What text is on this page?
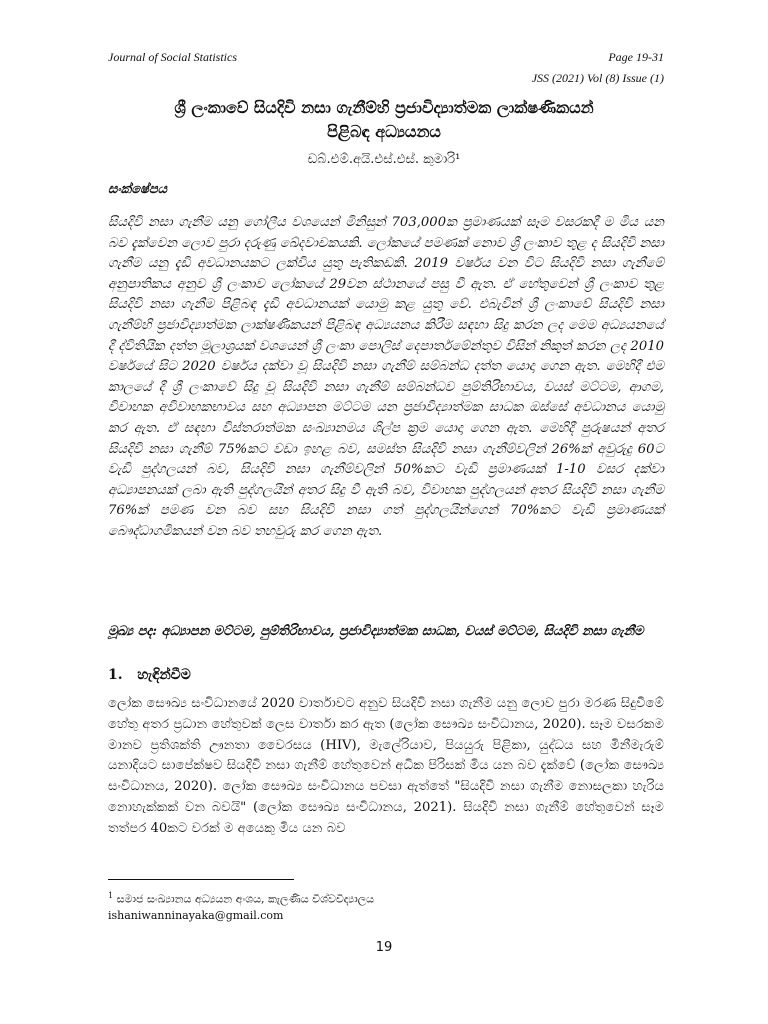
Journal of Social Statistics	Page 19-31
JSS (2021) Vol (8) Issue (1)
ශ්‍රී ලංකාවේ සියදිවි නසා ගැනීම්හි ප්‍රජාවිද්‍යාත්මක ලාක්ෂණිකයන්
පිළිබඳ අධ්‍යයනය
ඩබ්.එම්.අයි.එස්.එස්. කුමාරි¹
සංක්ෂේපය
සියදිවි නසා ගැනීම යනු ගෝලීය වශයෙන් මිනිසුන් 703,000ක ප්‍රමාණයක් සෑම වසරකදී ම මිය යන බව දැක්වෙන ලොව පුරා දරුණු ඛේදවාචකයකි. ලෝකයේ පමණක් නොව ශ්‍රී ලංකාව තුළ ද සියදිවි නසා ගැනීම යනු දැඩි අවධානයකට ලක්විය යුතු පැතිකඩකි. 2019 වර්ෂය වන විට සියදිවි නසා ගැනීමේ අනුපාතිකය අනුව ශ්‍රී ලංකාව ලෝකයේ 29වන ස්ථානයේ පසු වී ඇත. ඒ හේතුවෙන් ශ්‍රී ලංකාව තුළ සියදිවි නසා ගැනීම පිළිබඳ දැඩි අවධානයක් යොමු කළ යුතු වේ. එබැවින් ශ්‍රී ලංකාවේ සියදිවි නසා ගැනීම්හි ප්‍රජාවිද්‍යාත්මක ලාක්ෂණිකයන් පිළිබඳ අධ්‍යයනය කිරීම සඳහා සිදු කරන ලද මෙම අධ්‍යයනයේ දී ද්විතියික දත්ත මූලාශ්‍රයක් වශයෙන් ශ්‍රී ලංකා පොලිස් දෙපාර්තමේන්තුව විසින් නිකුත් කරන ලද 2010 වර්ෂයේ සිට 2020 වර්ෂය දක්වා වූ සියදිවි නසා ගැනීම් සම්බන්ධ දත්ත යොදා ගෙන ඇත. මෙහිදී එම කාලයේ දී ශ්‍රී ලංකාවේ සිදු වූ සියදිවි නසා ගැනීම් සම්බන්ධව පුම්තිරිභාවය, වයස් මට්ටම, ආගම, විවාහක අවිවාහකභාවය සහ අධ්‍යාපන මට්ටම යන ප්‍රජාවිද්‍යාත්මක සාධක ඔස්සේ අවධානය යොමු කර ඇත. ඒ සඳහා විස්තරාත්මක සංඛ්‍යානමය ශිල්ප ක්‍රම යොදා ගෙන ඇත. මෙහිදී පුරුෂයන් අතර සියදිවි නසා ගැනීම් 75%කට වඩා ඉහළ බව, සමස්ත සියදිවි නසා ගැනීම්වලින් 26%ක් අවුරුදු 60ට වැඩි පුද්ගලයන් බව, සියදිවි නසා ගැනීම්වලින් 50%කට වැඩි ප්‍රමාණයක් 1-10 වසර දක්වා අධ්‍යාපනයක් ලබා ඇති පුද්ගලයින් අතර සිදු වී ඇති බව, විවාහක පුද්ගලයන් අතර සියදිවි නසා ගැනීම 76%ක් පමණ වන බව සහ සියදිවි නසා ගත් පුද්ගලයින්ගෙන් 70%කට වැඩි ප්‍රමාණයක් බෞද්ධාගමිකයන් වන බව තහවුරු කර ගෙන ඇත.
මූඛ්‍ය පද: අධ්‍යාපන මට්ටම, පුම්තිරිභාවය, ප්‍රජාවිද්‍යාත්මක සාධක, වයස් මට්ටම, සියදිවි නසා ගැනීම
1. හැඳින්වීම
ලෝක සෞඛ්‍ය සංවිධානයේ 2020 වාර්තාවට අනුව සියදිවි නසා ගැනීම යනු ලොව පුරා මරණ සිදුවීමේ හේතු අතර ප්‍රධාන හේතුවක් ලෙස වාර්තා කර ඇත (ලෝක සෞඛ්‍ය සංවිධානය, 2020). සෑම වසරකම මානව ප්‍රතිශක්ති ඌනතා වෛරසය (HIV), මැලේරියාව, පියයුරු පිළිකා, යුද්ධය සහ මිනීමැරුම් යනාදියට සාපේක්ෂව සියදිවි නසා ගැනීම් හේතුවෙන් අධික පිරිසක් මිය යන බව දැක්වේ (ලෝක සෞඛ්‍ය සංවිධානය, 2020). ලෝක සෞඛ්‍ය සංවිධානය පවසා ඇත්තේ "සියදිවි නසා ගැනීම නොසලකා හැරිය නොහැක්කක් වන බවයි" (ලෝක සෞඛ්‍ය සංවිධානය, 2021). සියදිවි නසා ගැනීම් හේතුවෙන් සෑම තත්පර 40කට වරක් ම අයෙකු මිය යන බව
$^1$ සමාජ සංඛ්‍යානය අධ්‍යයන අංශය, කැලණිය විශ්වවිද්‍යාලය
ishaniwanninayaka@gmail.com
19
